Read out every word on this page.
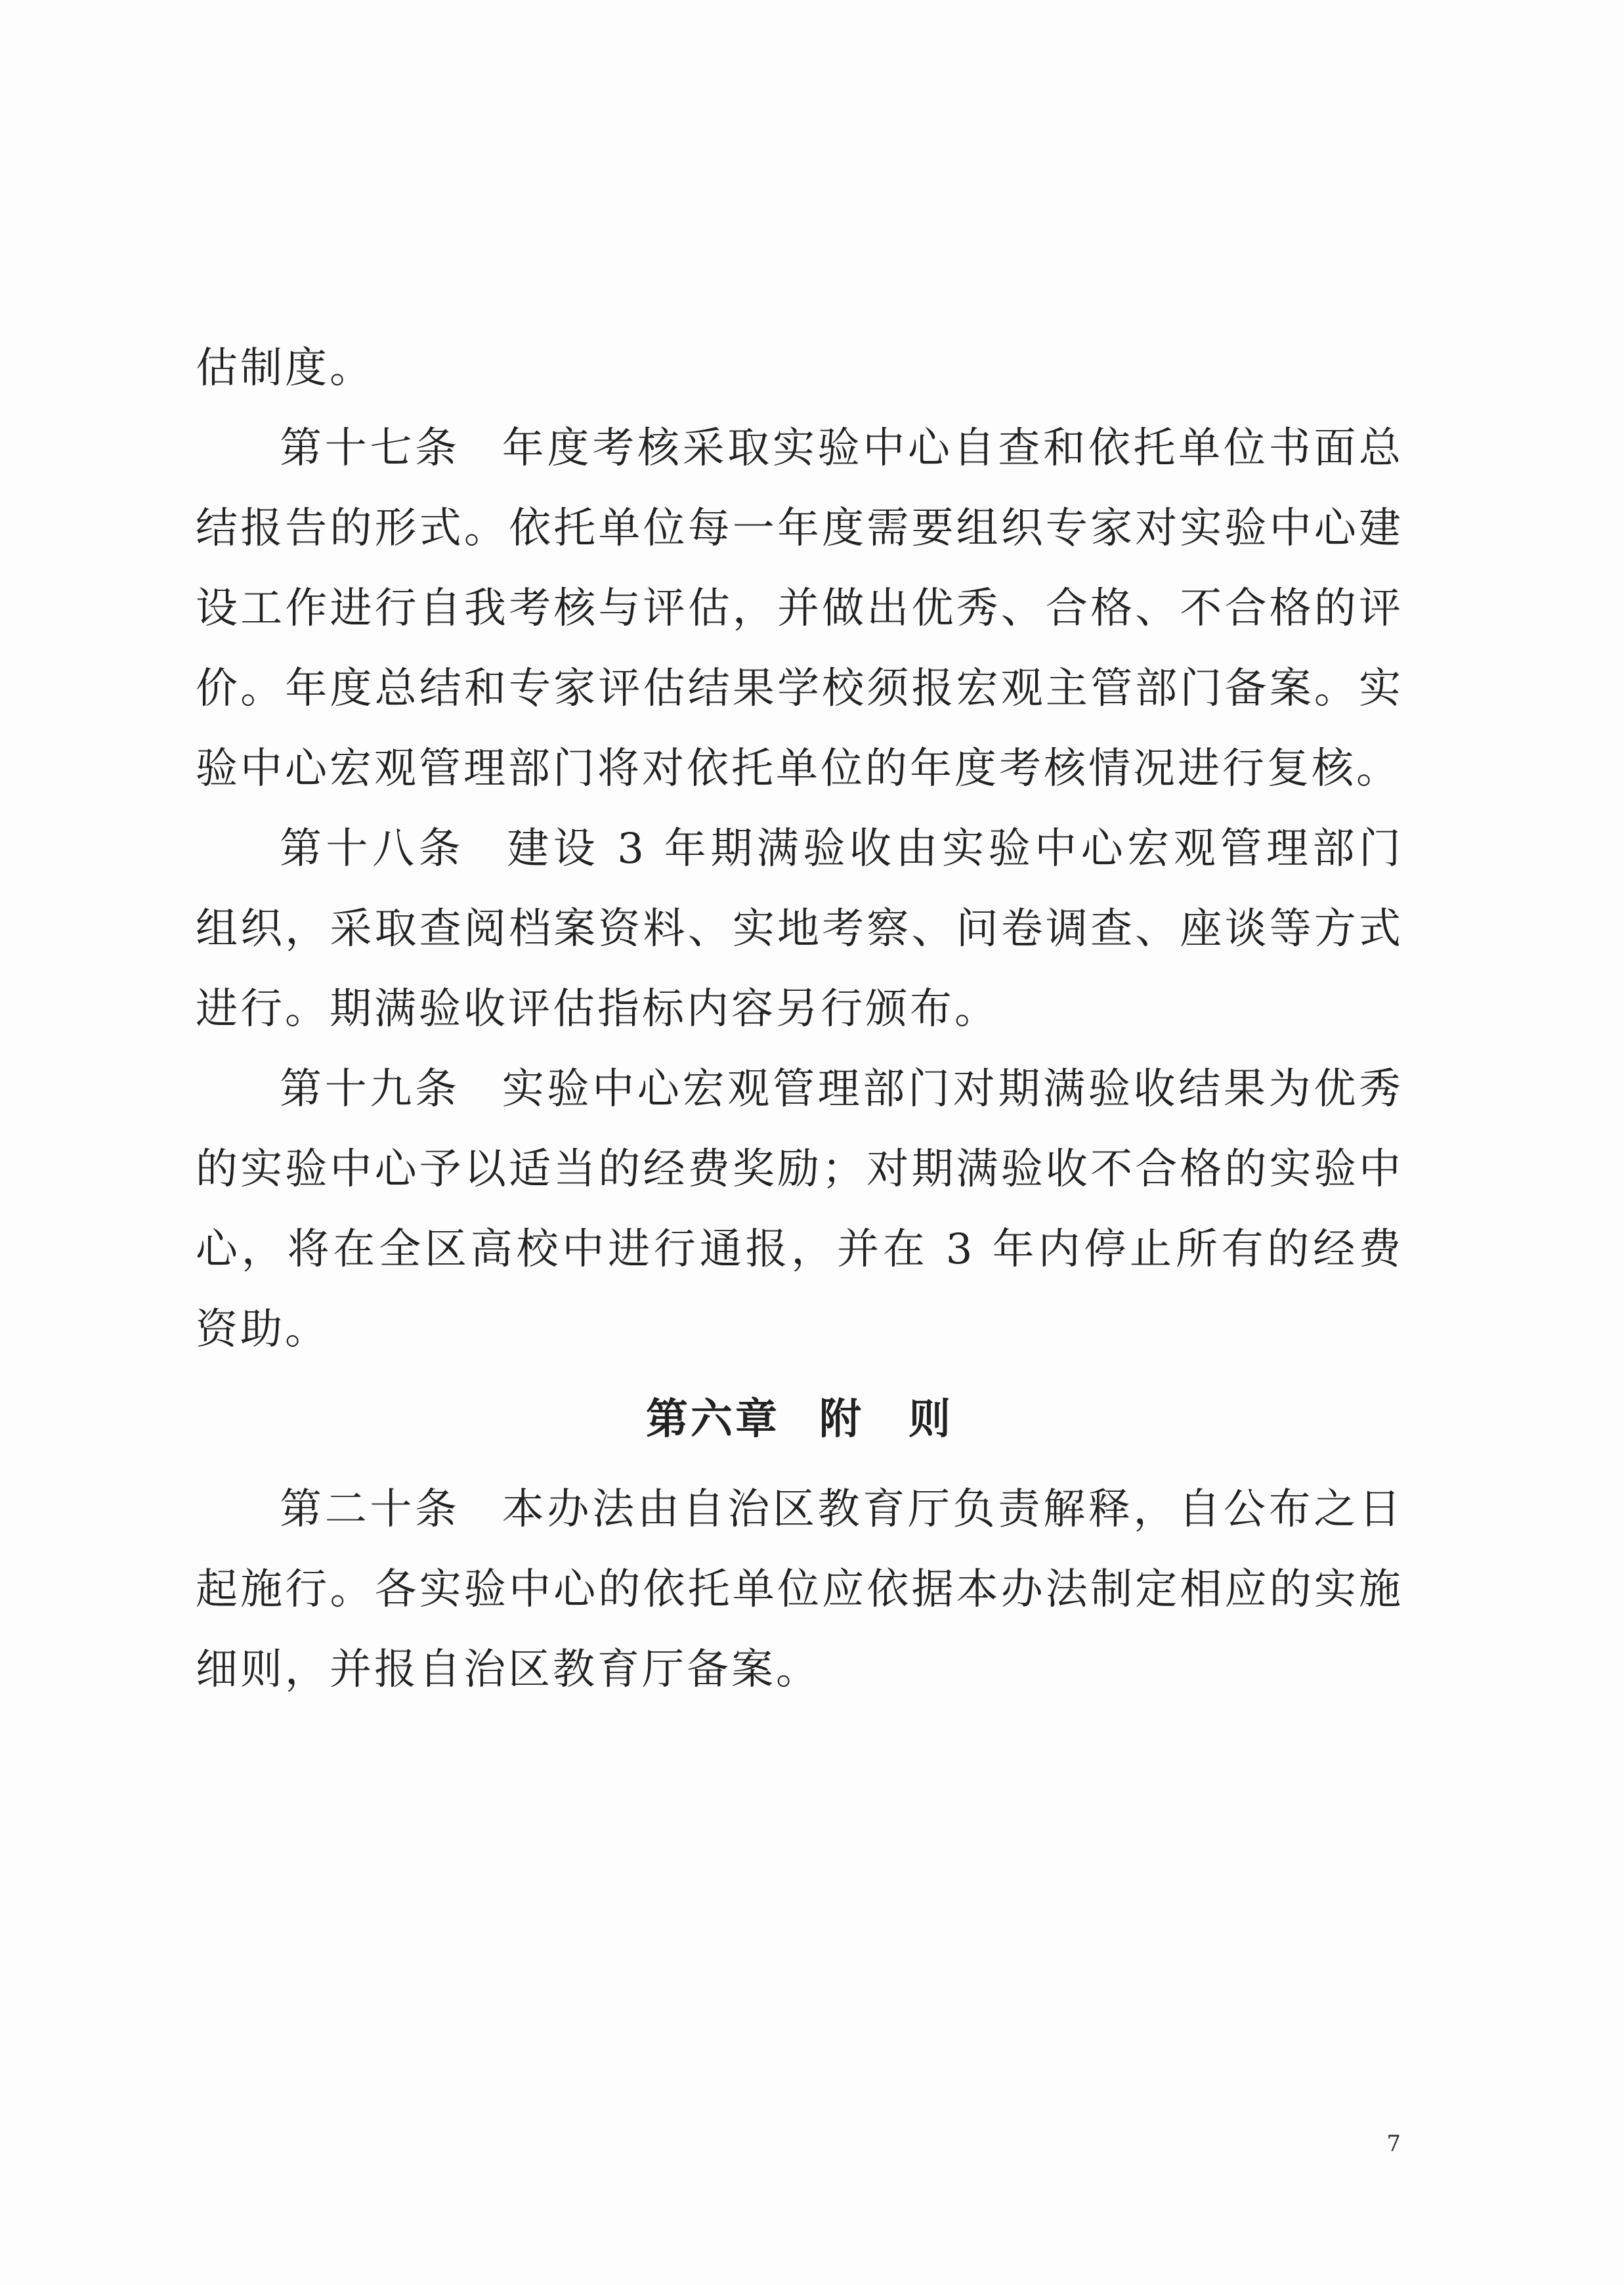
估制度。

第十七条 年度考核采取实验中心自查和依托单位书面总结报告的形式。依托单位每一年度需要组织专家对实验中心建设工作进行自我考核与评估，并做出优秀、合格、不合格的评价。年度总结和专家评估结果学校须报宏观主管部门备案。实验中心宏观管理部门将对依托单位的年度考核情况进行复核。

第十八条 建设 3 年期满验收由实验中心宏观管理部门组织，采取查阅档案资料、实地考察、问卷调查、座谈等方式进行。期满验收评估指标内容另行颁布。

第十九条 实验中心宏观管理部门对期满验收结果为优秀的实验中心予以适当的经费奖励；对期满验收不合格的实验中心，将在全区高校中进行通报，并在 3 年内停止所有的经费资助。

第六章 附　则

第二十条 本办法由自治区教育厅负责解释，自公布之日起施行。各实验中心的依托单位应依据本办法制定相应的实施细则，并报自治区教育厅备案。

7
